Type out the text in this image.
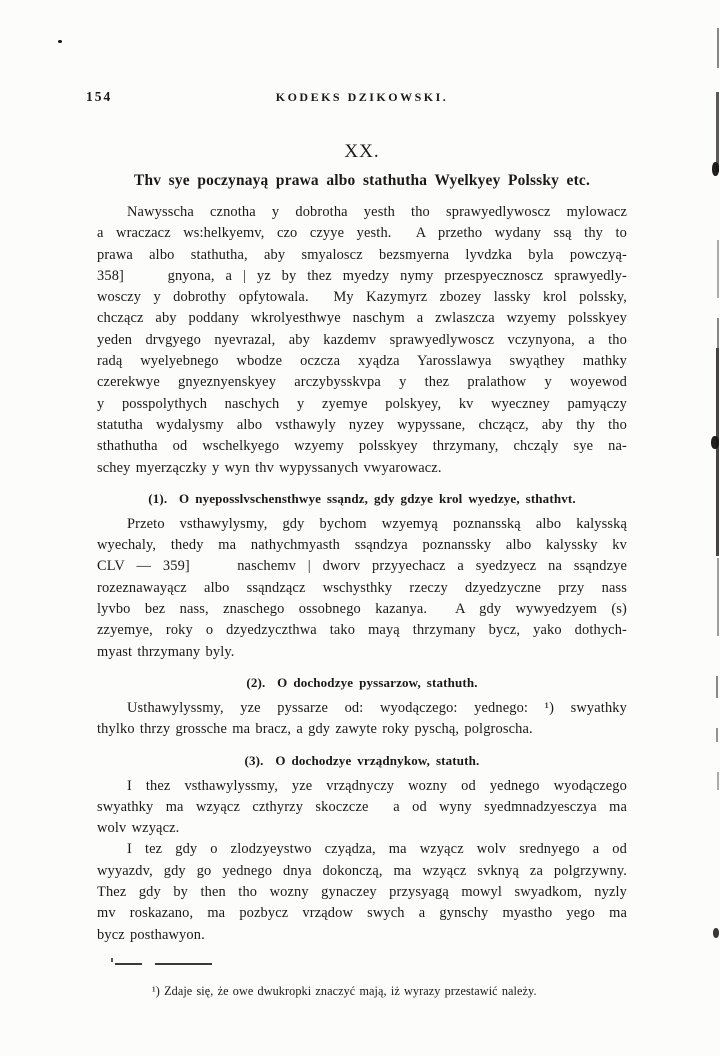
154	KODEKS DZIKOWSKI.
XX.
Thv sye poczynayą prawa albo stathutha Wyelkyey Polssky etc.
Nawysscha cznotha y dobrotha yesth tho sprawyedlywoscz mylowacz
a wraczacz ws:helkyemv, czo czyye yesth.  A przetho wydany ssą thy to
prawa albo stathutha, aby smyaloscz bezsmyerna lyvdzka byla powczyą-
358]    gnyona, a | yz by thez myedzy nymy przespyecznoscz sprawyedly-
wosczy y dobrothy opfytowala.  My Kazymyrz zbozey lassky krol polssky,
chczącz aby poddany wkrolyesthwye naschym a zwlaszcza wzyemy polsskyey
yeden drvgyego nyevrazal, aby kazdemv sprawyedlywoscz vczynyona, a tho
radą wyelyebnego wbodze oczcza xyądza Yarosslawya swyąthey mathky
czerekwye gnyeznyenskyey arczybysskvpa y thez pralathow y woyewod
y posspolythych naschych y zyemye polskyey, kv wyeczney pamyączy
statutha wydalysmy albo vsthawyly nyzey wypyssane, chczącz, aby thy tho
sthathutha od wschelkyego wzyemy polsskyey thrzymany, chcząly sye na-
schey myerzączky y wyn thv wypyssanych vwyarowacz.
(1).  O nyeposslvschensthwye ssąndz, gdy gdzye krol wyedzye, sthathvt.
Przeto vsthawylysmy, gdy bychom wzyemyą poznansską albo kalysską
wyechaly, thedy ma nathychmyasth ssąndzya poznanssky albo kalyssky kv
CLV — 359]    naschemv | dworv przyyechacz a syedzyecz na ssąndzye
rozeznawayącz albo ssąndzącz wschysthky rzeczy dzyedzyczne przy nass
lyvbo bez nass, znaschego ossobnego kazanya.  A gdy wywyedzyem (s)
zzyemye, roky o dzyedzyczthwa tako mayą thrzymany bycz, yako dothych-
myast thrzymany byly.
(2).  O dochodzye pyssarzow, stathuth.
Usthawylyssmy, yze pyssarze od: wyodączego: yednego: ¹) swyathky
thylko thrzy grossche ma bracz, a gdy zawyte roky pyschą, polgroscha.
(3).  O dochodzye vrządnykow, statuth.
I thez vsthawylyssmy, yze vrządnyczy wozny od yednego wyodączego
swyathky ma wzyącz czthyrzy skoczcze  a od wyny syedmnadzyesczya ma
wolv wzyącz.
I tez gdy o zlodzyeystwo czyądza, ma wzyącz wolv srednyego a od
wyyazdv, gdy go yednego dnya dokonczą, ma wzyącz svknyą za polgrzywny.
Thez gdy by then tho wozny gynaczey przysyagą mowyl swyadkom, nyzly
mv roskazano, ma pozbycz vrządow swych a gynschy myastho yego ma
bycz posthawyon.
¹) Zdaje się, że owe dwukropki znaczyć mają, iż wyrazy przestawić należy.
